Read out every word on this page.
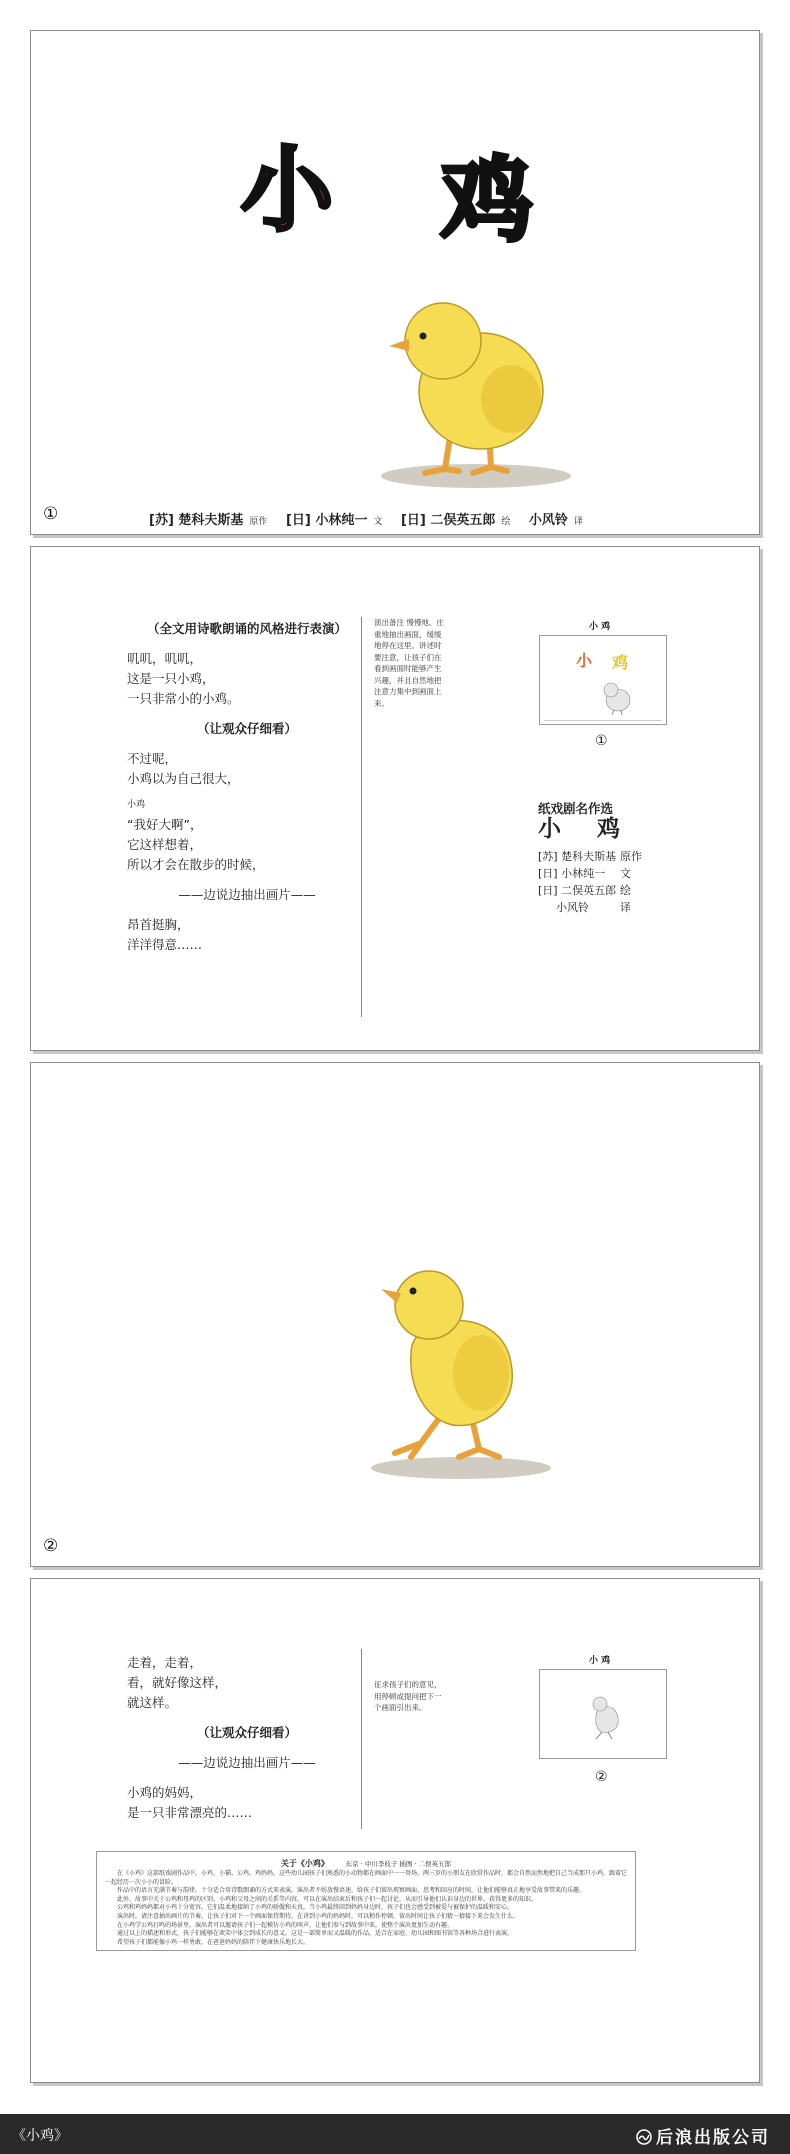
小 鸡
[苏] 楚科夫斯基 原作 [日] 小林纯一 文 [日] 二俣英五郎 绘 小风铃 译
①

（全文用诗歌朗诵的风格进行表演）

叽叽，叽叽，

这是一只小鸡，

一只非常小的小鸡。

（让观众仔细看）

不过呢，

小鸡以为自己很大，

小鸡

“我好大啊”，

它这样想着，

所以才会在散步的时候，

——边说边抽出画片——

昂首挺胸，

洋洋得意……

演出备注 慢慢地、庄重地抽出画面，缓缓地停在这里。讲述时要注意，让孩子们在看到画面时能够产生兴趣，并且自然地把注意力集中到画面上来。
小 鸡
小 鸡
①
纸戏剧名作选
小 鸡
[苏] 楚科夫斯基 原作
[日] 小林纯一 文
[日] 二俣英五郎 绘
小风铃	译
②

走着，走着，

看，就好像这样，

就这样。

（让观众仔细看）

——边说边抽出画片——

小鸡的妈妈，

是一只非常漂亮的……

征求孩子们的意见，用停顿或提问把下一个画面引出来。
小 鸡
②
关于《小鸡》	东京 · 中川李枝子 插图 · 二俣英五郎

在《小鸡》这部纸戏剧作品中，小鸡、小猫、公鸡、鸡妈妈，这些幼儿园孩子们熟悉的小动物都在画面中一一登场。两三岁的小朋友在欣赏作品时，都会自然而然地把自己当成那只小鸡，跟着它一起经历一次小小的冒险。

作品中的语言充满节奏与韵律，十分适合用诗歌朗诵的方式来表演。演出者不妨放慢语速，给孩子们留出观察画面、思考和回应的时间，让他们能够真正地享受故事带来的乐趣。

此外，故事中关于公鸡和母鸡的区别、小鸡和父母之间的关系等内容，可以在演出结束后和孩子们一起讨论，从而引导他们认识身边的世界，获得更多的知识。

公鸡和鸡妈妈都对小鸡十分宽容，它们温柔地接纳了小鸡的骄傲和天真。当小鸡最终回到妈妈身边时，孩子们也会感受到被爱与被保护的温暖和安心。

演出时，请注意抽出画片的节奏，让孩子们对下一个画面保持期待。在讲到小鸡的妈妈时，可以稍作停顿，留出时间让孩子们猜一猜接下来会发生什么。

在小鸡学公鸡打鸣的场景里，演出者可以邀请孩子们一起模仿小鸡的叫声，让他们参与到故事中来，使整个演出更加生动有趣。

通过以上的描述和形式，孩子们能够在欢笑中体会到成长的意义。这是一部简单而又温暖的作品，适合在家庭、幼儿园和图书馆等各种场合进行表演。

希望孩子们都能像小鸡一样勇敢，在爸爸妈妈的陪伴下健康快乐地长大。

《小鸡》	后浪出版公司
